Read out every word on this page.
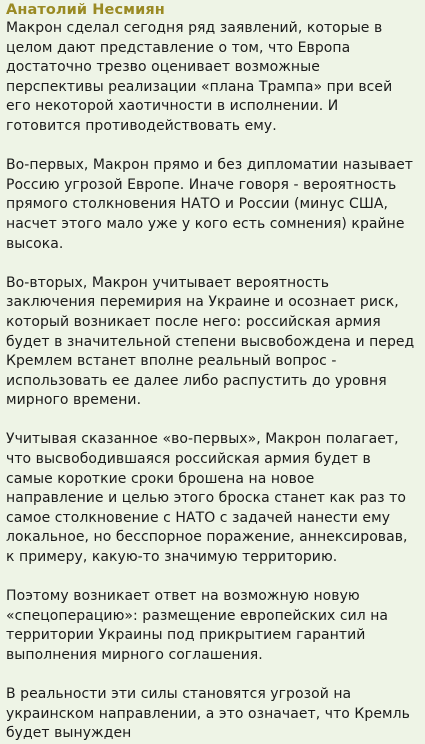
Анатолий Несмиян

Макрон сделал сегодня ряд заявлений, которые в целом дают представление о том, что Европа достаточно трезво оценивает возможные перспективы реализации «плана Трампа» при всей его некоторой хаотичности в исполнении. И готовится противодействовать ему.

Во-первых, Макрон прямо и без дипломатии называет Россию угрозой Европе. Иначе говоря - вероятность прямого столкновения НАТО и России (минус США, насчет этого мало уже у кого есть сомнения) крайне высока.

Во-вторых, Макрон учитывает вероятность заключения перемирия на Украине и осознает риск, который возникает после него: российская армия будет в значительной степени высвобождена и перед Кремлем встанет вполне реальный вопрос - использовать ее далее либо распустить до уровня мирного времени.

Учитывая сказанное «во-первых», Макрон полагает, что высвободившаяся российская армия будет в самые короткие сроки брошена на новое направление и целью этого броска станет как раз то самое столкновение с НАТО с задачей нанести ему локальное, но бесспорное поражение, аннексировав, к примеру, какую-то значимую территорию.

Поэтому возникает ответ на возможную новую «спецоперацию»: размещение европейских сил на территории Украины под прикрытием гарантий выполнения мирного соглашения.

В реальности эти силы становятся угрозой на украинском направлении, а это означает, что Кремль будет вынужден
